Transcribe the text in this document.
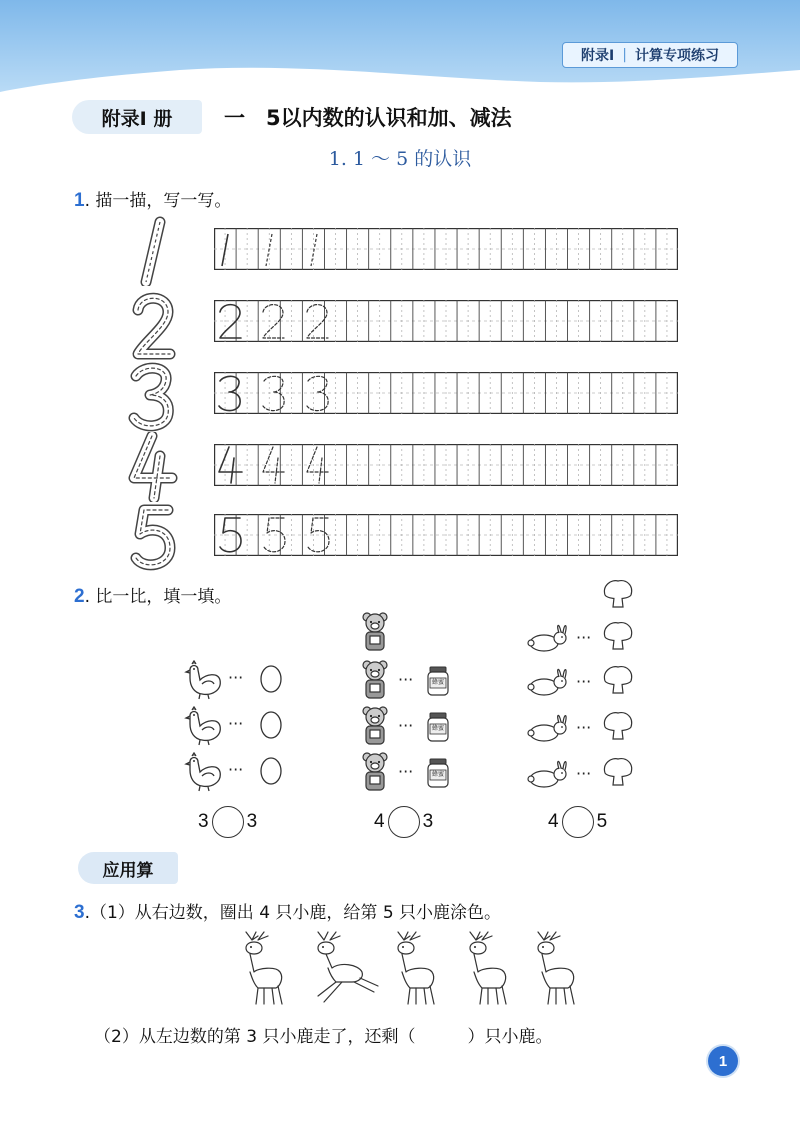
附录Ⅰ | 计算专项练习
附录Ⅰ 册 一　5以内数的认识和加、减法
1. 1 ～ 5 的认识
1. 描一描，写一写。
2. 比一比，填一填。
···
···
···
3 3
···	蜂蜜
···	蜂蜜
···	蜂蜜
4 3
···
···
···
···
4 5
应用算
3.（1）从右边数，圈出 4 只小鹿，给第 5 只小鹿涂色。
（2）从左边数的第 3 只小鹿走了，还剩（	）只小鹿。
1
